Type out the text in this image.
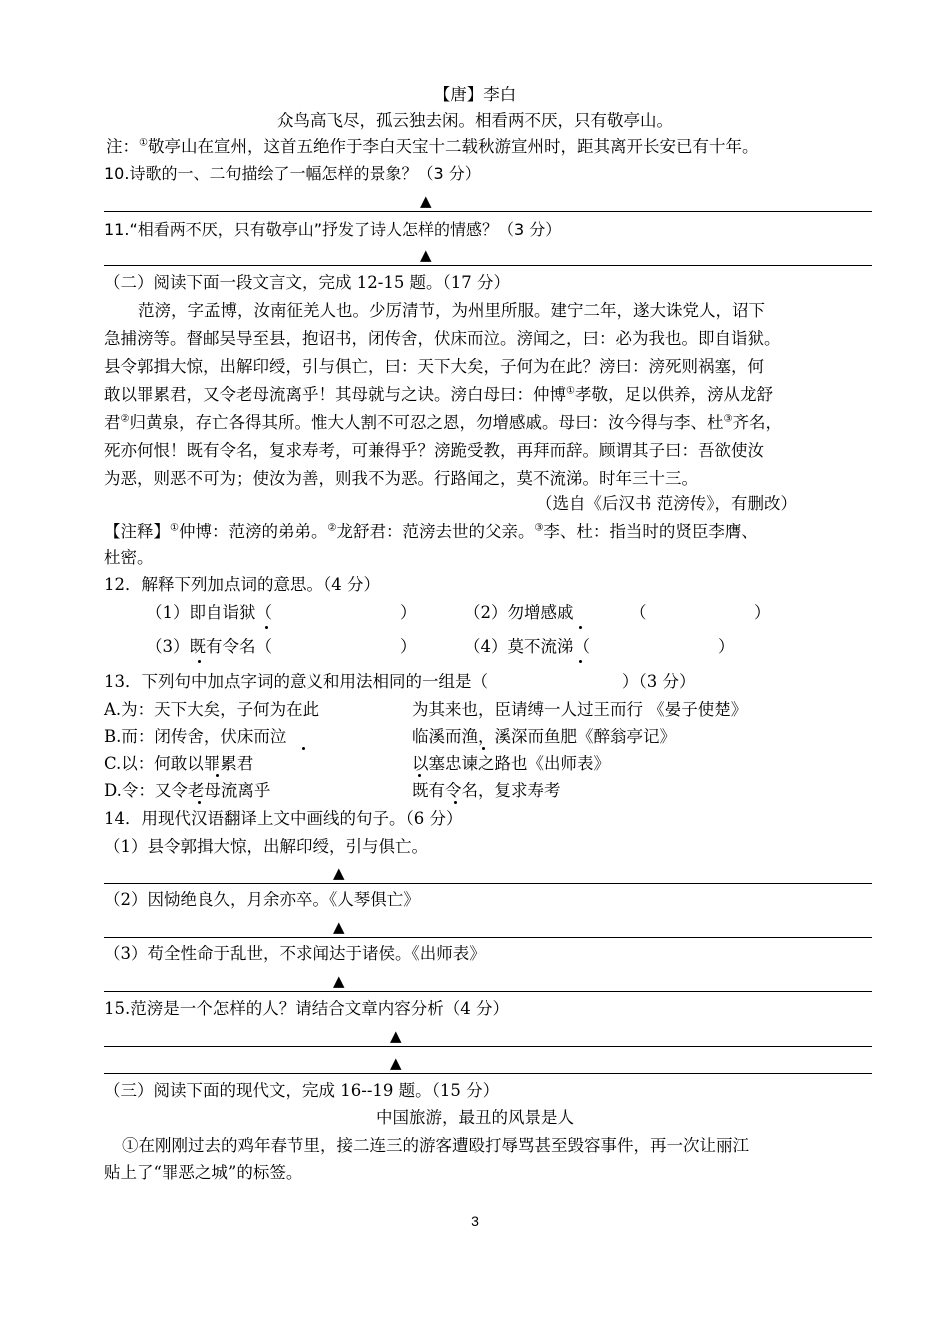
【唐】李白
众鸟高飞尽，孤云独去闲。相看两不厌，只有敬亭山。
注：①敬亭山在宣州，这首五绝作于李白天宝十二载秋游宣州时，距其离开长安已有十年。
10.诗歌的一、二句描绘了一幅怎样的景象？（3 分）
▲
11.“相看两不厌，只有敬亭山”抒发了诗人怎样的情感？（3 分）
▲
（二）阅读下面一段文言文，完成 12-15 题。（17 分）
范滂，字孟博，汝南征羌人也。少厉清节，为州里所服。建宁二年，遂大诛党人，诏下
急捕滂等。督邮吴导至县，抱诏书，闭传舍，伏床而泣。滂闻之，曰：必为我也。即自诣狱。
县令郭揖大惊，出解印绶，引与俱亡，曰：天下大矣，子何为在此？滂曰：滂死则祸塞，何
敢以罪累君，又令老母流离乎！其母就与之诀。滂白母曰：仲博①孝敬，足以供养，滂从龙舒
君②归黄泉，存亡各得其所。惟大人割不可忍之恩，勿增感戚。母曰：汝今得与李、杜③齐名，
死亦何恨！既有令名，复求寿考，可兼得乎？滂跪受教，再拜而辞。顾谓其子曰：吾欲使汝
为恶，则恶不可为；使汝为善，则我不为恶。行路闻之，莫不流涕。时年三十三。
（选自《后汉书 范滂传》，有删改）
【注释】①仲博：范滂的弟弟。②龙舒君：范滂去世的父亲。③李、杜：指当时的贤臣李膺、
杜密。
12．解释下列加点词的意思。（4 分）
（1）即自诣狱（	）	（2）勿增感戚	（	）
（3）既有令名（	）	（4）莫不流涕（	）
13．下列句中加点字词的意义和用法相同的一组是（	）（3 分）
A.为：天下大矣，子何为在此	为其来也，臣请缚一人过王而行 《晏子使楚》
B.而：闭传舍，伏床而泣	临溪而渔，溪深而鱼肥《醉翁亭记》
C.以：何敢以罪累君	以塞忠谏之路也《出师表》
D.令：又令老母流离乎	既有令名，复求寿考
14．用现代汉语翻译上文中画线的句子。（6 分）
（1）县令郭揖大惊，出解印绶，引与俱亡。
▲
（2）因恸绝良久，月余亦卒。《人琴俱亡》
▲
（3）苟全性命于乱世，不求闻达于诸侯。《出师表》
▲
15.范滂是一个怎样的人？请结合文章内容分析（4 分）
▲
▲
（三）阅读下面的现代文，完成 16--19 题。（15 分）
中国旅游，最丑的风景是人
①在刚刚过去的鸡年春节里，接二连三的游客遭殴打辱骂甚至毁容事件，再一次让丽江
贴上了“罪恶之城”的标签。
3
